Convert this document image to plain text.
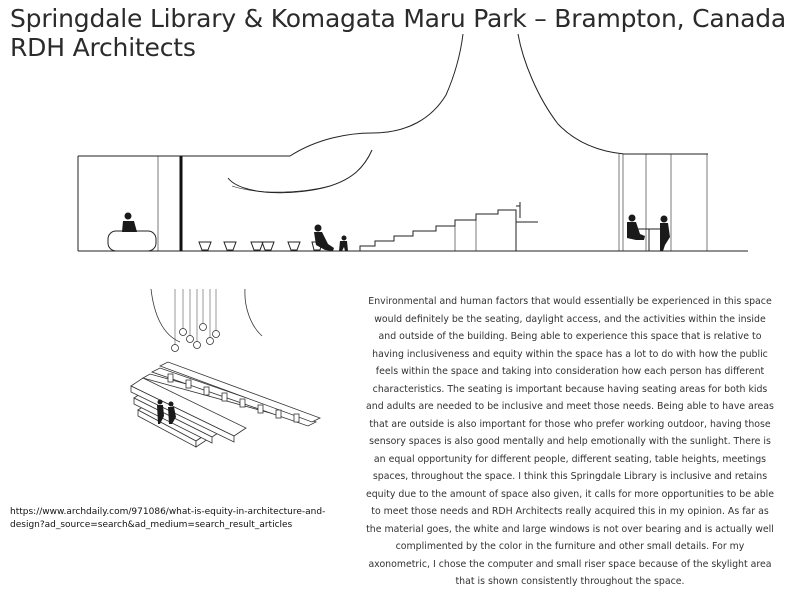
Springdale Library & Komagata Maru Park – Brampton, Canada
RDH Architects
Environmental and human factors that would essentially be experienced in this space would definitely be the seating, daylight access, and the activities within the inside and outside of the building. Being able to experience this space that is relative to having inclusiveness and equity within the space has a lot to do with how the public feels within the space and taking into consideration how each person has different characteristics. The seating is important because having seating areas for both kids and adults are needed to be inclusive and meet those needs. Being able to have areas that are outside is also important for those who prefer working outdoor, having those sensory spaces is also good mentally and help emotionally with the sunlight. There is an equal opportunity for different people, different seating, table heights, meetings spaces, throughout the space. I think this Springdale Library is inclusive and retains equity due to the amount of space also given, it calls for more opportunities to be able to meet those needs and RDH Architects really acquired this in my opinion. As far as the material goes, the white and large windows is not over bearing and is actually well complimented by the color in the furniture and other small details. For my axonometric, I chose the computer and small riser space because of the skylight area that is shown consistently throughout the space.
https://www.archdaily.com/971086/what-is-equity-in-architecture-and-design?ad_source=search&ad_medium=search_result_articles
